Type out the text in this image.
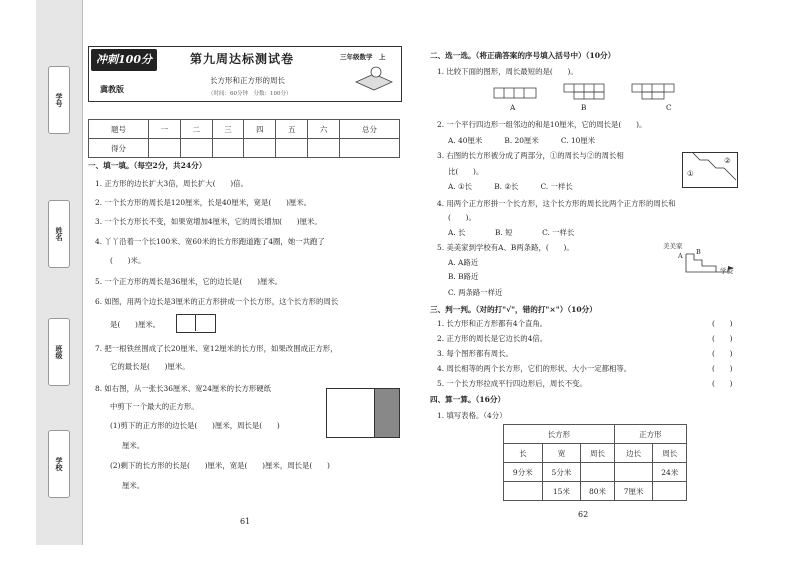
学号
姓名
班级
学校
冲刺100分
冀教版
第九周达标测试卷
长方形和正方形的周长
（时间：60分钟　分数：100分）
三年级数学　上
题号	一	二	三	四	五	六	总分
得分							
一、填一填。（每空2分，共24分）
1. 正方形的边长扩大3倍，周长扩大(　　)倍。
2. 一个长方形的周长是120厘米，长是40厘米，宽是(　　)厘米。
3. 一个长方形长不变，如果宽增加4厘米，它的周长增加(　　)厘米。
4. 丫丫沿着一个长100米、宽60米的长方形跑道跑了4圈，她一共跑了
(　　)米。
5. 一个正方形的周长是36厘米，它的边长是(　　)厘米。
6. 如图，用两个边长是3厘米的正方形拼成一个长方形，这个长方形的周长
是(　　)厘米。
7. 把一根铁丝围成了长20厘米、宽12厘米的长方形，如果改围成正方形，
它的最长是(　　)厘米。
8. 如右图，从一张长36厘米、宽24厘米的长方形硬纸
中剪下一个最大的正方形。
(1)剪下的正方形的边长是(　　)厘米，周长是(　　)
厘米。
(2)剩下的长方形的长是(　　)厘米，宽是(　　)厘米，周长是(　　)
厘米。
61
二、选一选。（将正确答案的序号填入括号中）（10分）
1. 比较下面的图形，周长最短的是(　　)。
A	B	C
2. 一个平行四边形一组邻边的和是10厘米，它的周长是(　　)。
A. 40厘米　　　B. 20厘米　　　C. 10厘米
3. 右图的长方形被分成了两部分，①的周长与②的周长相
比(　　)。
A. ①长　　　B. ②长　　　C. 一样长
①
②
4. 用两个正方形拼一个长方形，这个长方形的周长比两个正方形的周长和
(　　)。
A. 长　　　　B. 短　　　　C. 一样长
5. 美美家到学校有A、B两条路，(　　)。
A. A路近
B. B路近
C. 两条路一样近
美美家
A B
学校
三、判一判。（对的打"√"，错的打"×"）（10分）
1. 长方形和正方形都有4个直角。
2. 正方形的周长是它边长的4倍。
3. 每个图形都有周长。
4. 周长相等的两个长方形，它们的形状、大小一定都相等。
5. 一个长方形拉成平行四边形后，周长不变。
(　　)
(　　)
(　　)
(　　)
(　　)
四、算一算。（16分）
1. 填写表格。（4分）
长方形			正方形	
长	宽	周长	边长	周长
9分米	5分米			24米
	15米	80米	7厘米	
62
